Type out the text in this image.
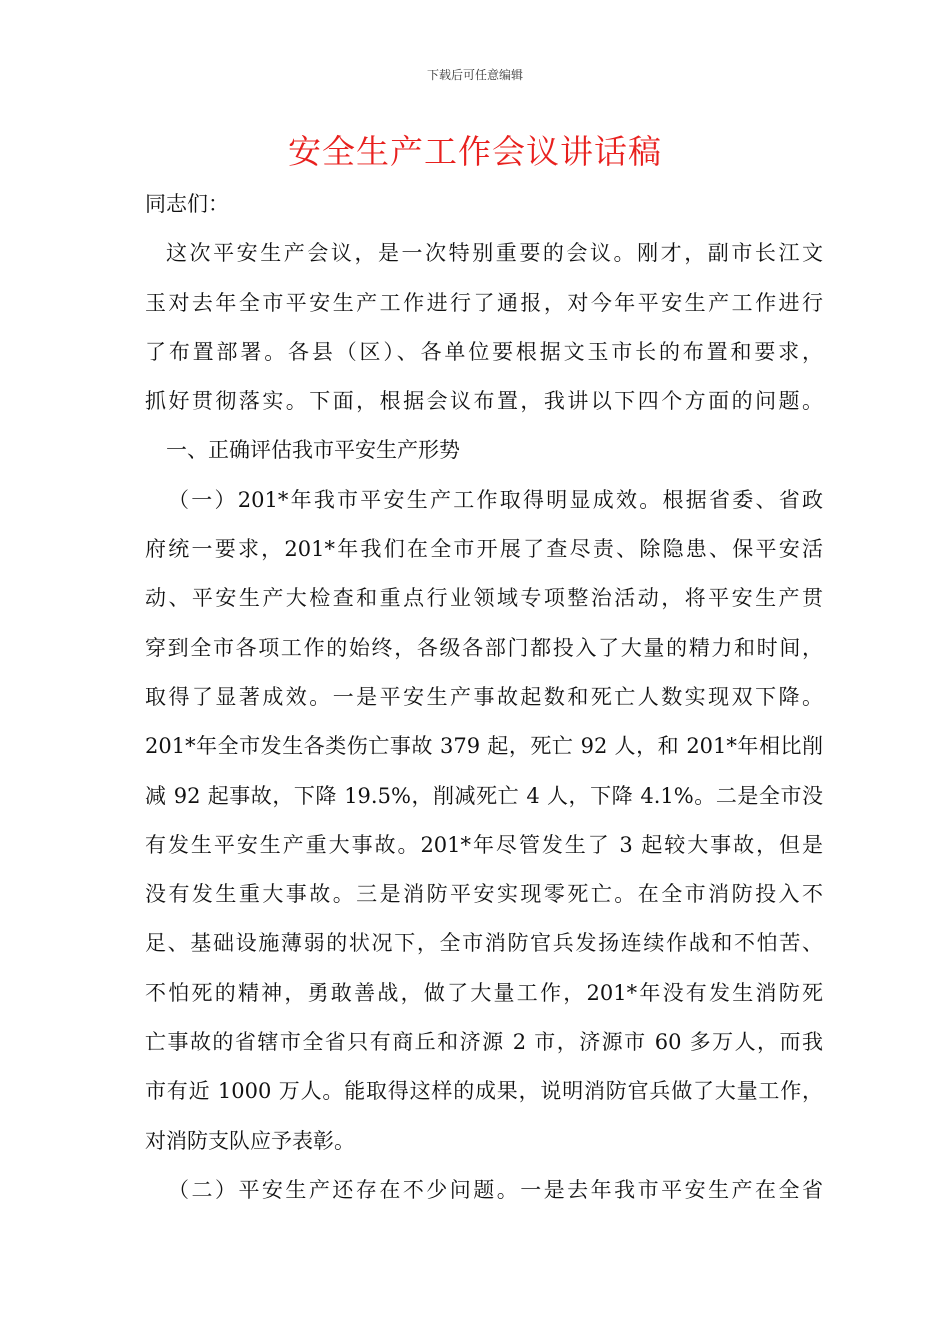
下载后可任意编辑
安全生产工作会议讲话稿
同志们：
这次平安生产会议，是一次特别重要的会议。刚才，副市长江文
玉对去年全市平安生产工作进行了通报，对今年平安生产工作进行
了布置部署。各县（区）、各单位要根据文玉市长的布置和要求，
抓好贯彻落实。下面，根据会议布置，我讲以下四个方面的问题。
一、正确评估我市平安生产形势
（一）201*年我市平安生产工作取得明显成效。根据省委、省政
府统一要求，201*年我们在全市开展了查尽责、除隐患、保平安活
动、平安生产大检查和重点行业领域专项整治活动，将平安生产贯
穿到全市各项工作的始终，各级各部门都投入了大量的精力和时间，
取得了显著成效。一是平安生产事故起数和死亡人数实现双下降。
201*年全市发生各类伤亡事故 379 起，死亡 92 人，和 201*年相比削
减 92 起事故，下降 19.5%，削减死亡 4 人，下降 4.1%。二是全市没
有发生平安生产重大事故。201*年尽管发生了 3 起较大事故，但是
没有发生重大事故。三是消防平安实现零死亡。在全市消防投入不
足、基础设施薄弱的状况下，全市消防官兵发扬连续作战和不怕苦、
不怕死的精神，勇敢善战，做了大量工作，201*年没有发生消防死
亡事故的省辖市全省只有商丘和济源 2 市，济源市 60 多万人，而我
市有近 1000 万人。能取得这样的成果，说明消防官兵做了大量工作，
对消防支队应予表彰。
（二）平安生产还存在不少问题。一是去年我市平安生产在全省
